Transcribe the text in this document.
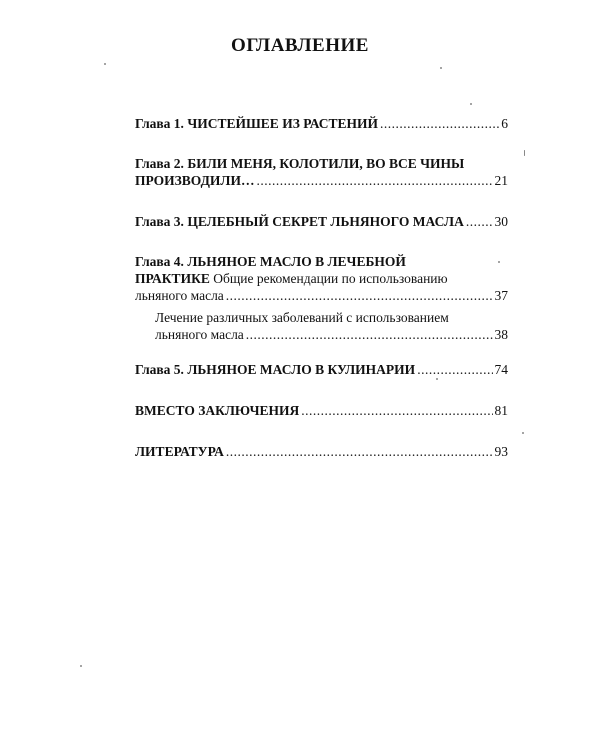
ОГЛАВЛЕНИЕ
Глава 1. ЧИСТЕЙШЕЕ ИЗ РАСТЕНИЙ .....	6
Глава 2. БИЛИ МЕНЯ, КОЛОТИЛИ, ВО ВСЕ ЧИНЫ
ПРОИЗВОДИЛИ… .....	21
Глава 3. ЦЕЛЕБНЫЙ СЕКРЕТ ЛЬНЯНОГО МАСЛА ..... 30
Глава 4. ЛЬНЯНОЕ МАСЛО В ЛЕЧЕБНОЙ
ПРАКТИКЕ Общие рекомендации по использованию
льняного масла .....	37
Лечение различных заболеваний с использованием
льняного масла .....	38
Глава 5. ЛЬНЯНОЕ МАСЛО В КУЛИНАРИИ .....	74
ВМЕСТО ЗАКЛЮЧЕНИЯ .....	81
ЛИТЕРАТУРА .....	93
